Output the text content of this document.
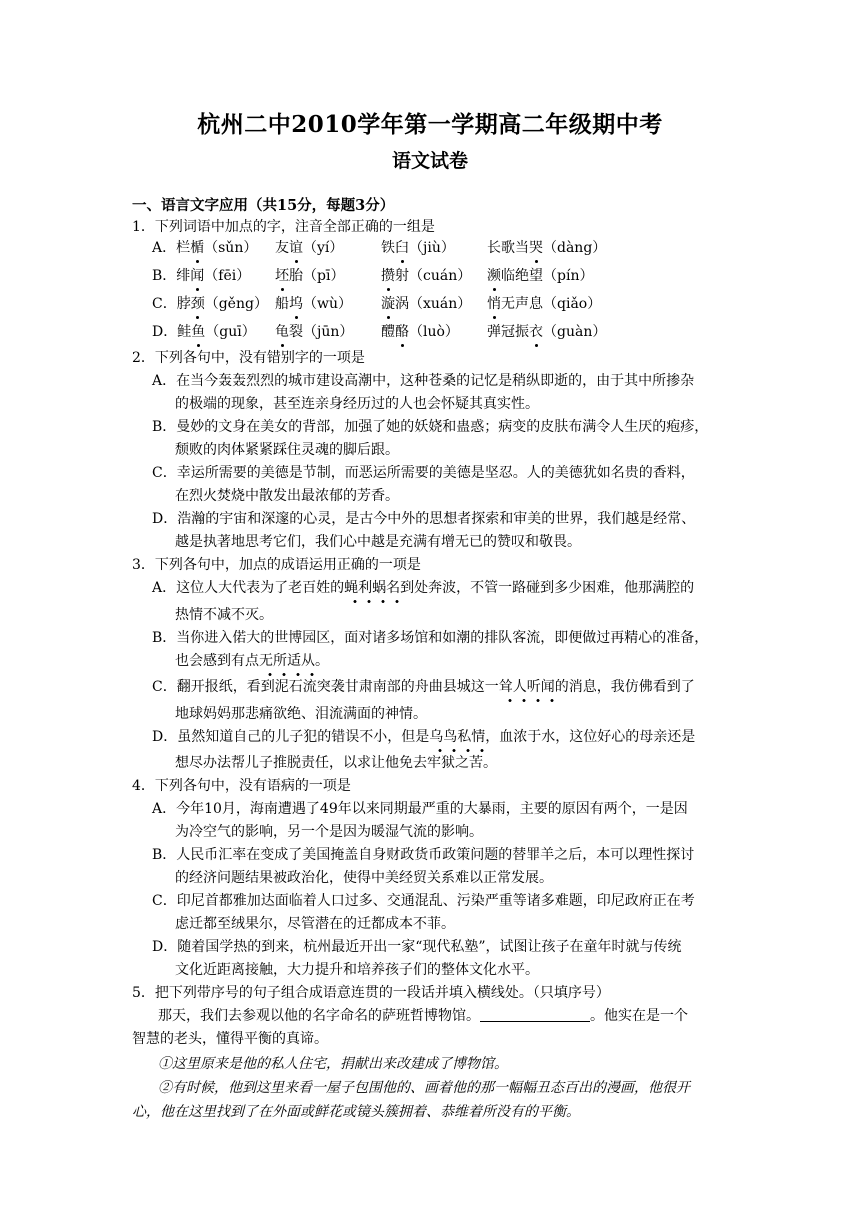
杭州二中2010学年第一学期高二年级期中考
语文试卷
一、语言文字应用（共15分，每题3分）
1．下列词语中加点的字，注音全部正确的一组是
A．栏楯（sǔn） 友谊（yí）	铁臼（jiù） 长歌当哭（dàng）
B．绯闻（fēi） 坯胎（pī）	攒射（cuán） 濒临绝望（pín）
C．脖颈（gěng） 船坞（wù） 漩涡（xuán） 悄无声息（qiǎo）
D．鲑鱼（guī） 龟裂（jūn） 醴酪（luò） 弹冠振衣（guàn）
2．下列各句中，没有错别字的一项是
A．在当今轰轰烈烈的城市建设高潮中，这种苍桑的记忆是稍纵即逝的，由于其中所掺杂
的极端的现象，甚至连亲身经历过的人也会怀疑其真实性。
B．曼妙的文身在美女的背部，加强了她的妖娆和蛊惑；病变的皮肤布满令人生厌的疱疹，
颓败的肉体紧紧踩住灵魂的脚后跟。
C．幸运所需要的美德是节制，而恶运所需要的美德是坚忍。人的美德犹如名贵的香料，
在烈火焚烧中散发出最浓郁的芳香。
D．浩瀚的宇宙和深邃的心灵，是古今中外的思想者探索和审美的世界，我们越是经常、
越是执著地思考它们，我们心中越是充满有增无已的赞叹和敬畏。
3．下列各句中，加点的成语运用正确的一项是
A．这位人大代表为了老百姓的蝇利蜗名到处奔波，不管一路碰到多少困难，他那满腔的
热情不减不灭。
B．当你进入偌大的世博园区，面对诸多场馆和如潮的排队客流，即便做过再精心的准备，
也会感到有点无所适从。
C．翻开报纸，看到泥石流突袭甘肃南部的舟曲县城这一耸人听闻的消息，我仿佛看到了
地球妈妈那悲痛欲绝、泪流满面的神情。
D．虽然知道自己的儿子犯的错误不小，但是乌鸟私情，血浓于水，这位好心的母亲还是
想尽办法帮儿子推脱责任，以求让他免去牢狱之苦。
4．下列各句中，没有语病的一项是
A．今年10月，海南遭遇了49年以来同期最严重的大暴雨，主要的原因有两个，一是因
为冷空气的影响，另一个是因为暖湿气流的影响。
B．人民币汇率在变成了美国掩盖自身财政货币政策问题的替罪羊之后，本可以理性探讨
的经济问题结果被政治化，使得中美经贸关系难以正常发展。
C．印尼首都雅加达面临着人口过多、交通混乱、污染严重等诸多难题，印尼政府正在考
虑迁都至绒果尔，尽管潜在的迁都成本不菲。
D．随着国学热的到来，杭州最近开出一家“现代私塾”，试图让孩子在童年时就与传统
文化近距离接触，大力提升和培养孩子们的整体文化水平。
5．把下列带序号的句子组合成语意连贯的一段话并填入横线处。（只填序号）
那天，我们去参观以他的名字命名的萨班哲博物馆。	。他实在是一个
智慧的老头，懂得平衡的真谛。
①这里原来是他的私人住宅，捐献出来改建成了博物馆。
②有时候，他到这里来看一屋子包围他的、画着他的那一幅幅丑态百出的漫画，他很开
心，他在这里找到了在外面或鲜花或镜头簇拥着、恭维着所没有的平衡。
